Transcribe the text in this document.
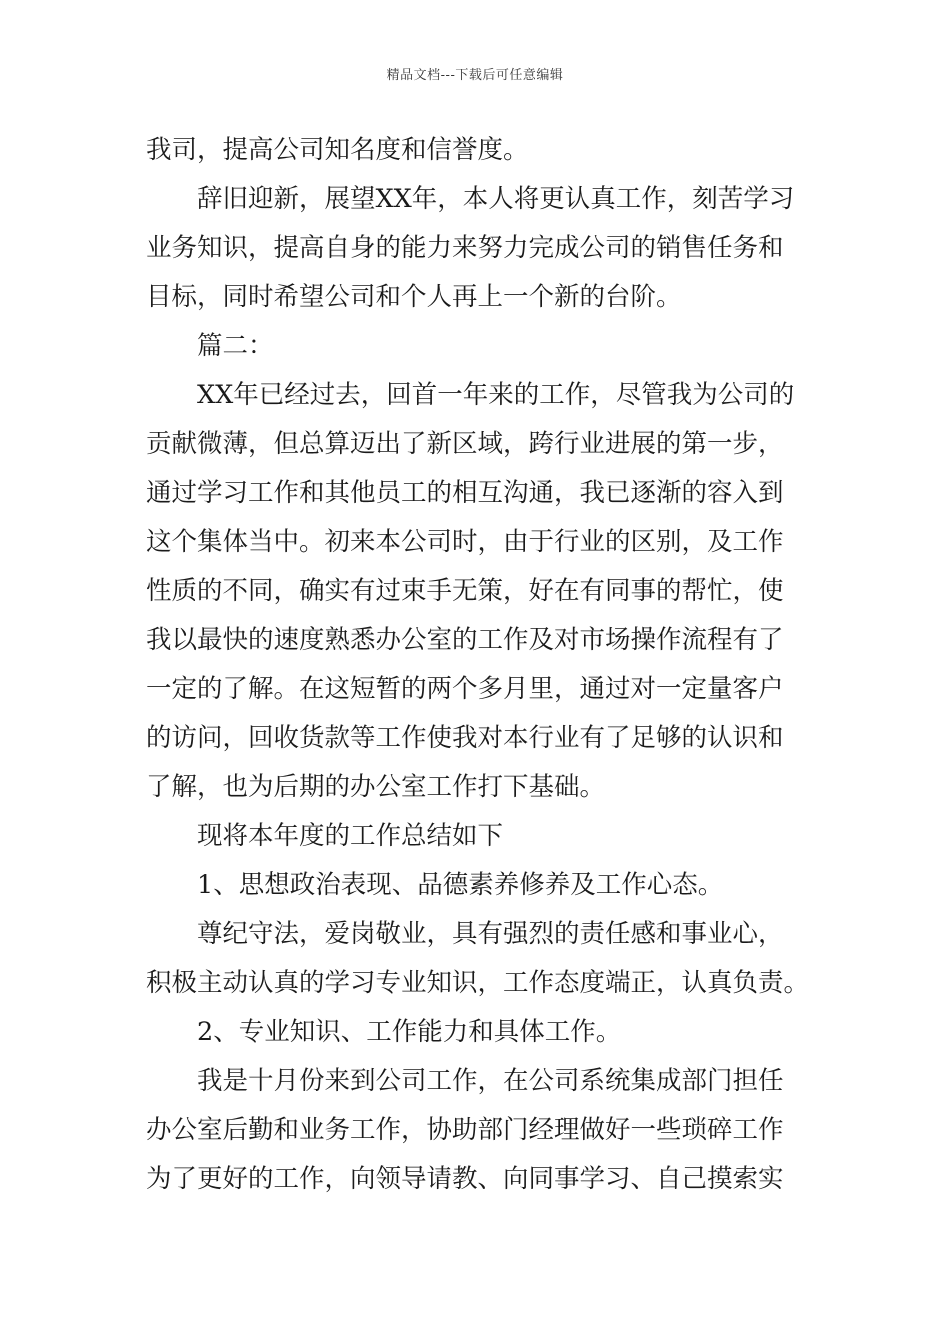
精品文档---下载后可任意编辑
我司，提高公司知名度和信誉度。
辞旧迎新，展望XX年，本人将更认真工作，刻苦学习
业务知识，提高自身的能力来努力完成公司的销售任务和
目标，同时希望公司和个人再上一个新的台阶。
篇二：
XX年已经过去，回首一年来的工作，尽管我为公司的
贡献微薄，但总算迈出了新区域，跨行业进展的第一步，
通过学习工作和其他员工的相互沟通，我已逐渐的容入到
这个集体当中。初来本公司时，由于行业的区别，及工作
性质的不同，确实有过束手无策，好在有同事的帮忙，使
我以最快的速度熟悉办公室的工作及对市场操作流程有了
一定的了解。在这短暂的两个多月里，通过对一定量客户
的访问，回收货款等工作使我对本行业有了足够的认识和
了解，也为后期的办公室工作打下基础。
现将本年度的工作总结如下
1、思想政治表现、品德素养修养及工作心态。
尊纪守法，爱岗敬业，具有强烈的责任感和事业心，
积极主动认真的学习专业知识，工作态度端正，认真负责。
2、专业知识、工作能力和具体工作。
我是十月份来到公司工作，在公司系统集成部门担任
办公室后勤和业务工作，协助部门经理做好一些琐碎工作
为了更好的工作，向领导请教、向同事学习、自己摸索实
